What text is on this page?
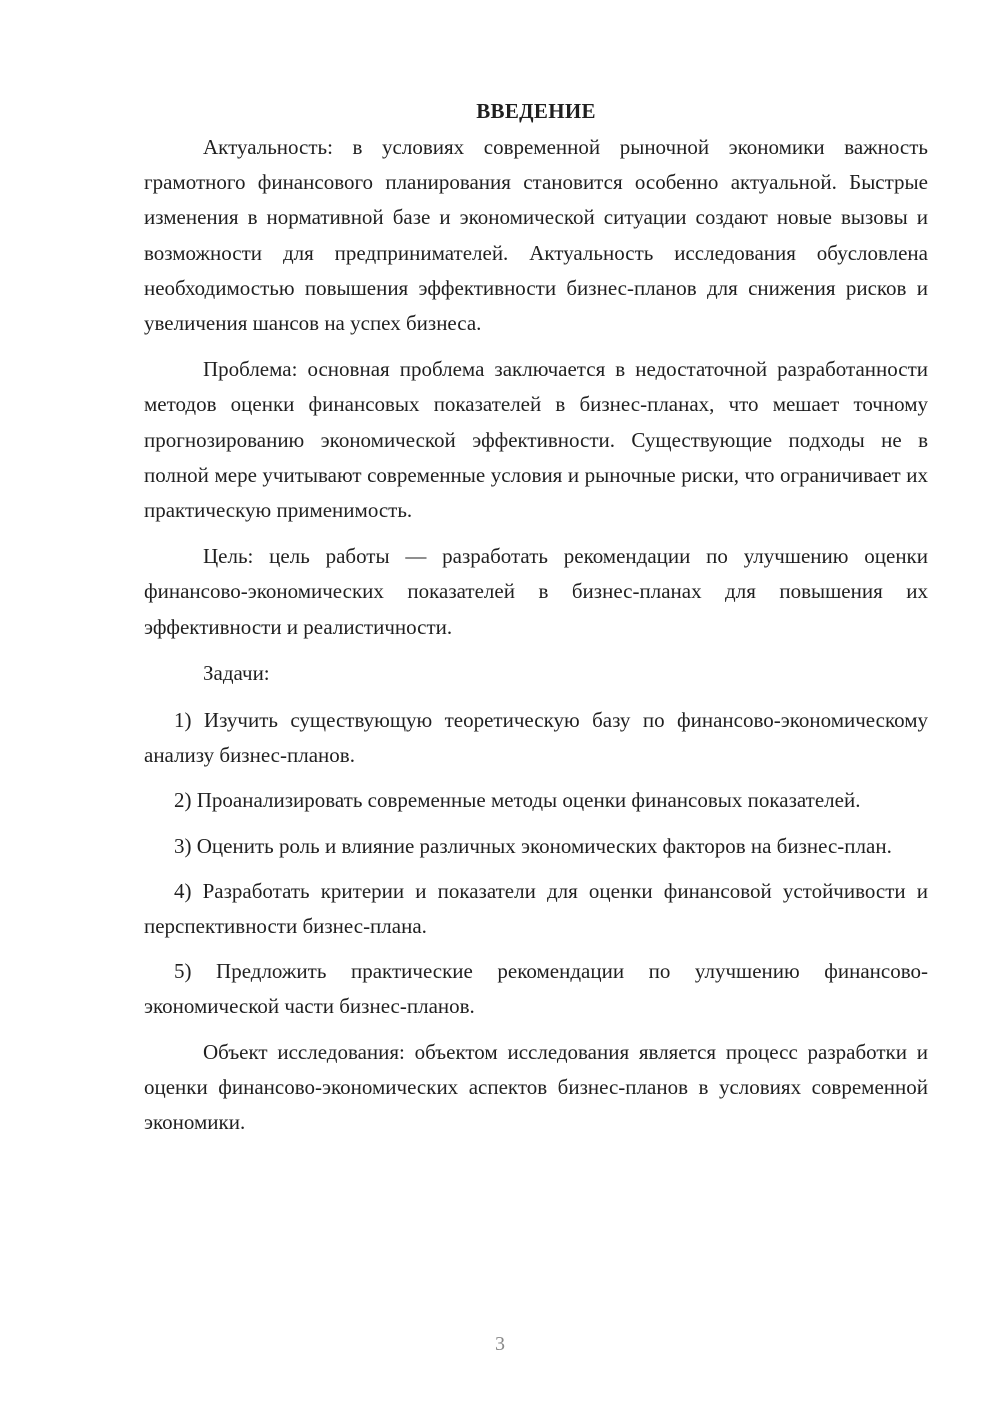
ВВЕДЕНИЕ

Актуальность: в условиях современной рыночной экономики важность грамотного финансового планирования становится особенно актуальной. Быстрые изменения в нормативной базе и экономической ситуации создают новые вызовы и возможности для предпринимателей. Актуальность исследования обусловлена необходимостью повышения эффективности бизнес-планов для снижения рисков и увеличения шансов на успех бизнеса.

Проблема: основная проблема заключается в недостаточной разработанности методов оценки финансовых показателей в бизнес-планах, что мешает точному прогнозированию экономической эффективности. Существующие подходы не в полной мере учитывают современные условия и рыночные риски, что ограничивает их практическую применимость.

Цель: цель работы — разработать рекомендации по улучшению оценки финансово-экономических показателей в бизнес-планах для повышения их эффективности и реалистичности.

Задачи:

1) Изучить существующую теоретическую базу по финансово-экономическому анализу бизнес-планов.

2) Проанализировать современные методы оценки финансовых показателей.

3) Оценить роль и влияние различных экономических факторов на бизнес-план.

4) Разработать критерии и показатели для оценки финансовой устойчивости и перспективности бизнес-плана.

5) Предложить практические рекомендации по улучшению финансово-экономической части бизнес-планов.

Объект исследования: объектом исследования является процесс разработки и оценки финансово-экономических аспектов бизнес-планов в условиях современной экономики.

3
